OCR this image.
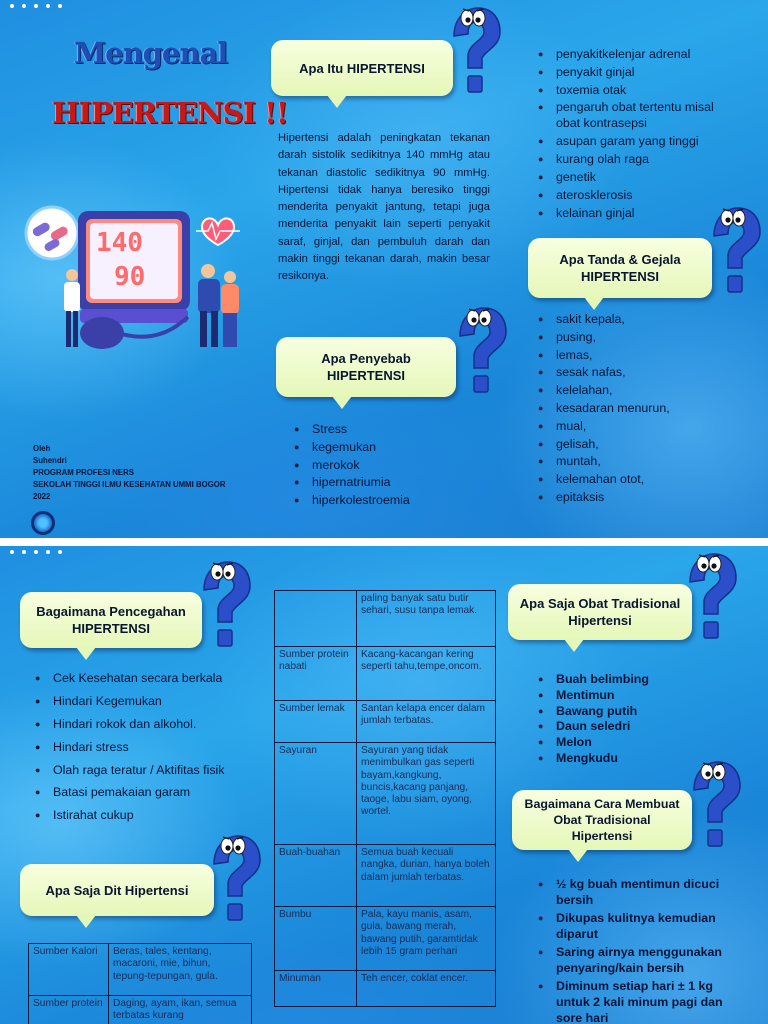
Mengenal
HIPERTENSI !!
140
90
Apa Itu HIPERTENSI

Hipertensi adalah peningkatan tekanan darah sistolik sedikitnya 140 mmHg atau tekanan diastolic sedikitnya 90 mmHg. Hipertensi tidak hanya beresiko tinggi menderita penyakit jantung, tetapi juga menderita penyakit lain seperti penyakit saraf, ginjal, dan pembuluh darah dan makin tinggi tekanan darah, makin besar resikonya.

Apa Penyebab
HIPERTENSI
● Stress
● kegemukan
● merokok
● hipernatriumia
● hiperkolestroemia
● penyakitkelenjar adrenal
● penyakit ginjal
● toxemia otak
● pengaruh obat tertentu misal obat kontrasepsi
● asupan garam yang tinggi
● kurang olah raga
● genetik
● aterosklerosis
● kelainan ginjal
Apa Tanda & Gejala
HIPERTENSI
● sakit kepala,
● pusing,
● lemas,
● sesak nafas,
● kelelahan,
● kesadaran menurun,
● mual,
● gelisah,
● muntah,
● kelemahan otot,
● epitaksis
Oleh
Suhendri
PROGRAM PROFESI NERS
SEKOLAH TINGGI ILMU KESEHATAN UMMI BOGOR
2022
Bagaimana Pencegahan
HIPERTENSI
● Cek Kesehatan secara berkala
● Hindari Kegemukan
● Hindari rokok dan alkohol.
● Hindari stress
● Olah raga teratur / Aktifitas fisik
● Batasi pemakaian garam
● Istirahat cukup
Apa Saja Dit Hipertensi
Sumber Kalori	Beras, tales, kentang, macaroni, mie, bihun, tepung-tepungan, gula.
Sumber protein	Daging, ayam, ikan, semua terbatas kurang
	paling banyak satu butir sehari, susu tanpa lemak.
Sumber protein nabati	Kacang-kacangan kering seperti tahu,tempe,oncom.
Sumber lemak	Santan kelapa encer dalam jumlah terbatas.
Sayuran	Sayuran yang tidak menimbulkan gas seperti bayam,kangkung, buncis,kacang panjang, taoge, labu siam, oyong, wortel.
Buah-buahan	Semua buah kecuali nangka, durian, hanya boleh dalam jumlah terbatas.
Bumbu	Pala, kayu manis, asam, gula, bawang merah, bawang putih, garamtidak lebih 15 gram perhari
Minuman	Teh encer, coklat encer.
Apa Saja Obat Tradisional
Hipertensi
● Buah belimbing
● Mentimun
● Bawang putih
● Daun seledri
● Melon
● Mengkudu
Bagaimana Cara Membuat
Obat Tradisional
Hipertensi
● ½ kg buah mentimun dicuci bersih
● Dikupas kulitnya kemudian diparut
● Saring airnya menggunakan penyaring/kain bersih
● Diminum setiap hari ± 1 kg untuk 2 kali minum pagi dan sore hari
